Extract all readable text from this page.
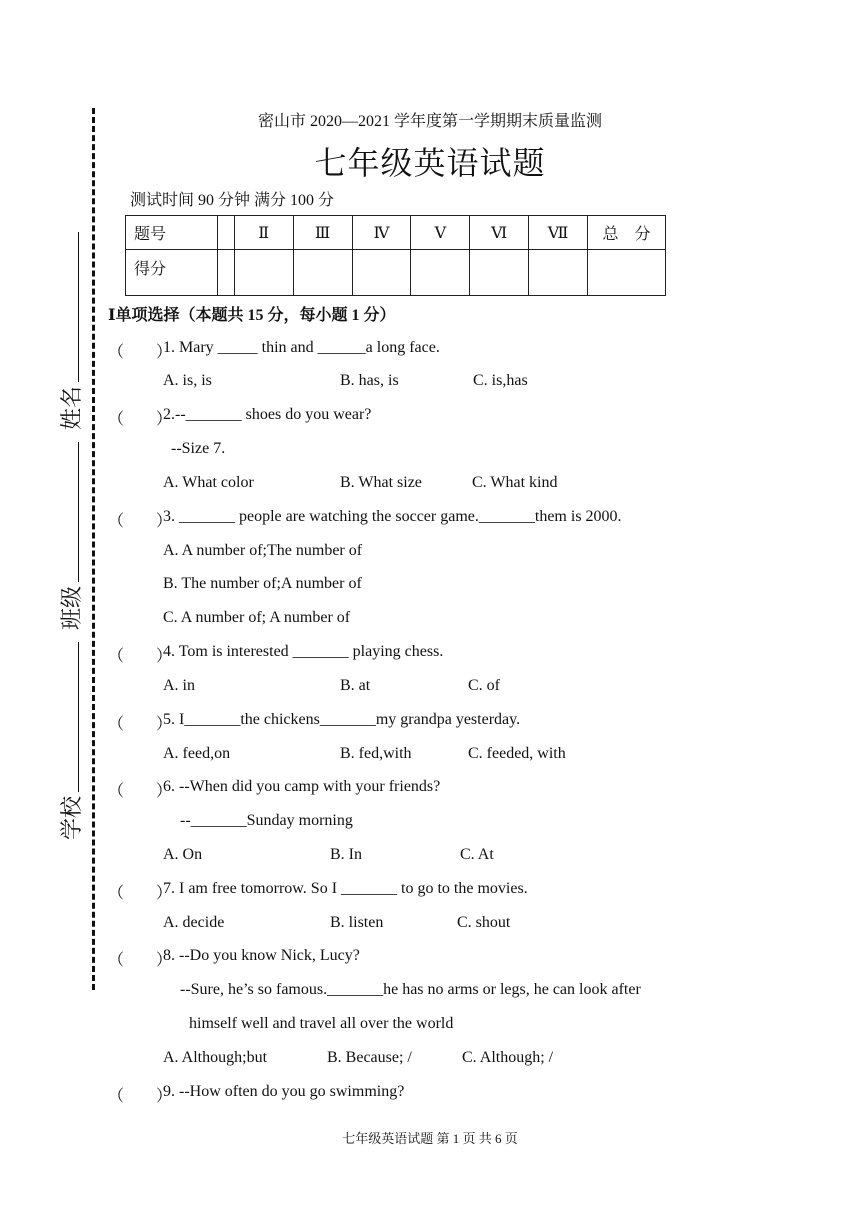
密山市 2020—2021 学年度第一学期期末质量监测
七年级英语试题
测试时间 90 分钟 满分 100 分
题号		Ⅱ	Ⅲ	Ⅳ	Ⅴ	Ⅵ	Ⅶ	总　分
得分								
姓名
班级
学校
Ⅰ单项选择（本题共 15 分，每小题 1 分）
（　　）
1. Mary _____ thin and ______a long face.
A. is, is	B. has, is	C. is,has
（　　）
2.--_______ shoes do you wear?
--Size 7.
A. What color	B. What size	C. What kind
（　　）
3. _______ people are watching the soccer game._______them is 2000.
A. A number of;The number of
B. The number of;A number of
C. A number of; A number of
（　　）
4. Tom is interested _______ playing chess.
A. in	B. at	C. of
（　　）
5. I_______the chickens_______my grandpa yesterday.
A. feed,on	B. fed,with	C. feeded, with
（　　）
6. --When did you camp with your friends?
--_______Sunday morning
A. On	B. In	C. At
（　　）
7. I am free tomorrow. So I _______ to go to the movies.
A. decide	B. listen	C. shout
（　　）
8. --Do you know Nick, Lucy?
--Sure, he’s so famous._______he has no arms or legs, he can look after
himself well and travel all over the world
A. Although;but	B. Because; /	C. Although; /
（　　）
9. --How often do you go swimming?
七年级英语试题 第 1 页 共 6 页
